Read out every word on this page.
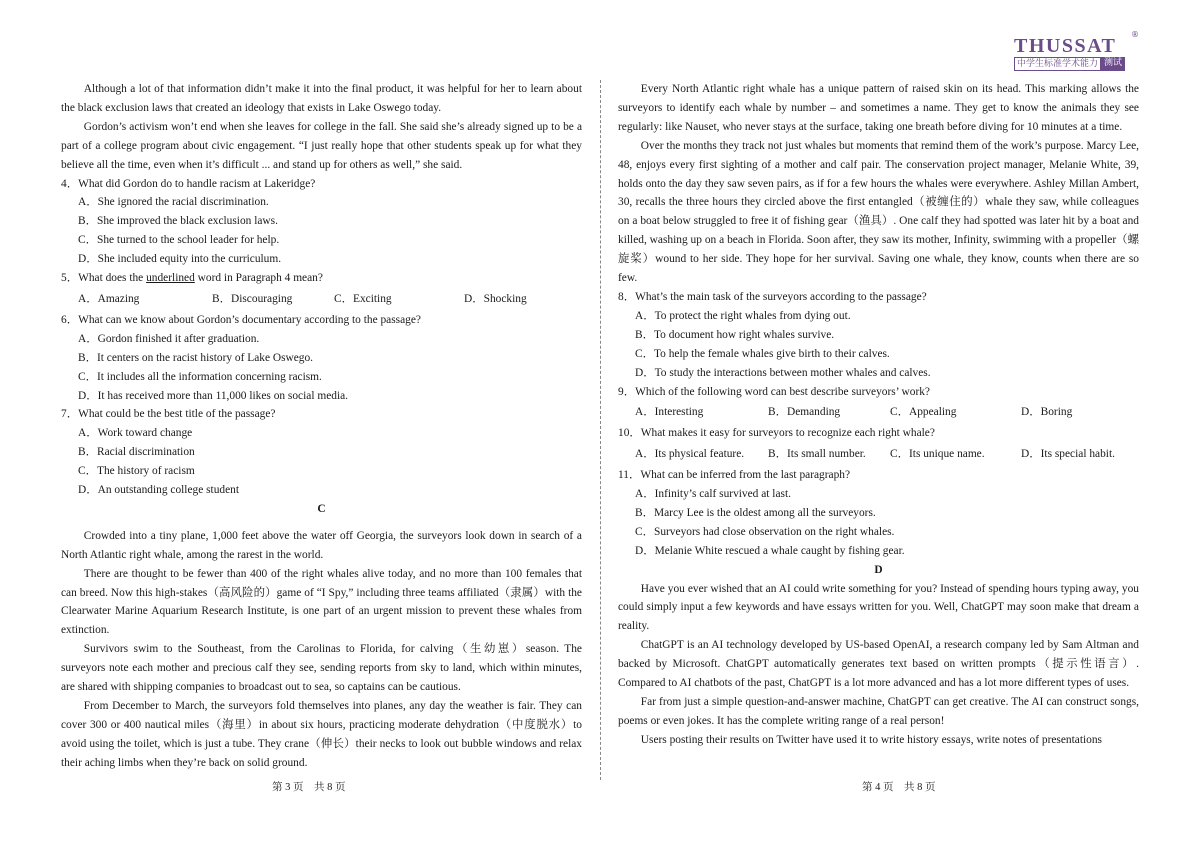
THUSSAT
中学生标准学术能力 测试
®

Although a lot of that information didn’t make it into the final product, it was helpful for her to learn about the black exclusion laws that created an ideology that exists in Lake Oswego today.

Gordon’s activism won’t end when she leaves for college in the fall. She said she’s already signed up to be a part of a college program about civic engagement. “I just really hope that other students speak up for what they believe all the time, even when it’s difficult ... and stand up for others as well,” she said.

4．What did Gordon do to handle racism at Lakeridge?

A．She ignored the racial discrimination.

B．She improved the black exclusion laws.

C．She turned to the school leader for help.

D．She included equity into the curriculum.

5．What does the underlined word in Paragraph 4 mean?

A．Amazing	B．Discouraging	C．Exciting	D．Shocking

6．What can we know about Gordon’s documentary according to the passage?

A．Gordon finished it after graduation.

B．It centers on the racist history of Lake Oswego.

C．It includes all the information concerning racism.

D．It has received more than 11,000 likes on social media.

7．What could be the best title of the passage?

A．Work toward change

B．Racial discrimination

C．The history of racism

D．An outstanding college student

C

Crowded into a tiny plane, 1,000 feet above the water off Georgia, the surveyors look down in search of a North Atlantic right whale, among the rarest in the world.

There are thought to be fewer than 400 of the right whales alive today, and no more than 100 females that can breed. Now this high-stakes（高风险的）game of “I Spy,” including three teams affiliated（隶属）with the Clearwater Marine Aquarium Research Institute, is one part of an urgent mission to prevent these whales from extinction.

Survivors swim to the Southeast, from the Carolinas to Florida, for calving（生幼崽）season. The surveyors note each mother and precious calf they see, sending reports from sky to land, which within minutes, are shared with shipping companies to broadcast out to sea, so captains can be cautious.

From December to March, the surveyors fold themselves into planes, any day the weather is fair. They can cover 300 or 400 nautical miles（海里）in about six hours, practicing moderate dehydration（中度脱水）to avoid using the toilet, which is just a tube. They crane（伸长）their necks to look out bubble windows and relax their aching limbs when they’re back on solid ground.

Every North Atlantic right whale has a unique pattern of raised skin on its head. This marking allows the surveyors to identify each whale by number – and sometimes a name. They get to know the animals they see regularly: like Nauset, who never stays at the surface, taking one breath before diving for 10 minutes at a time.

Over the months they track not just whales but moments that remind them of the work’s purpose. Marcy Lee, 48, enjoys every first sighting of a mother and calf pair. The conservation project manager, Melanie White, 39, holds onto the day they saw seven pairs, as if for a few hours the whales were everywhere. Ashley Millan Ambert, 30, recalls the three hours they circled above the first entangled（被缠住的）whale they saw, while colleagues on a boat below struggled to free it of fishing gear（渔具）. One calf they had spotted was later hit by a boat and killed, washing up on a beach in Florida. Soon after, they saw its mother, Infinity, swimming with a propeller（螺旋桨）wound to her side. They hope for her survival. Saving one whale, they know, counts when there are so few.

8．What’s the main task of the surveyors according to the passage?

A．To protect the right whales from dying out.

B．To document how right whales survive.

C．To help the female whales give birth to their calves.

D．To study the interactions between mother whales and calves.

9．Which of the following word can best describe surveyors’ work?

A．Interesting	B．Demanding	C．Appealing	D．Boring

10．What makes it easy for surveyors to recognize each right whale?

A．Its physical feature.	B．Its small number.	C．Its unique name.	D．Its special habit.

11．What can be inferred from the last paragraph?

A．Infinity’s calf survived at last.

B．Marcy Lee is the oldest among all the surveyors.

C．Surveyors had close observation on the right whales.

D．Melanie White rescued a whale caught by fishing gear.

D

Have you ever wished that an AI could write something for you? Instead of spending hours typing away, you could simply input a few keywords and have essays written for you. Well, ChatGPT may soon make that dream a reality.

ChatGPT is an AI technology developed by US-based OpenAI, a research company led by Sam Altman and backed by Microsoft. ChatGPT automatically generates text based on written prompts（提示性语言）. Compared to AI chatbots of the past, ChatGPT is a lot more advanced and has a lot more different types of uses.

Far from just a simple question-and-answer machine, ChatGPT can get creative. The AI can construct songs, poems or even jokes. It has the complete writing range of a real person!

Users posting their results on Twitter have used it to write history essays, write notes of presentations

第 3 页　共 8 页	第 4 页　共 8 页
